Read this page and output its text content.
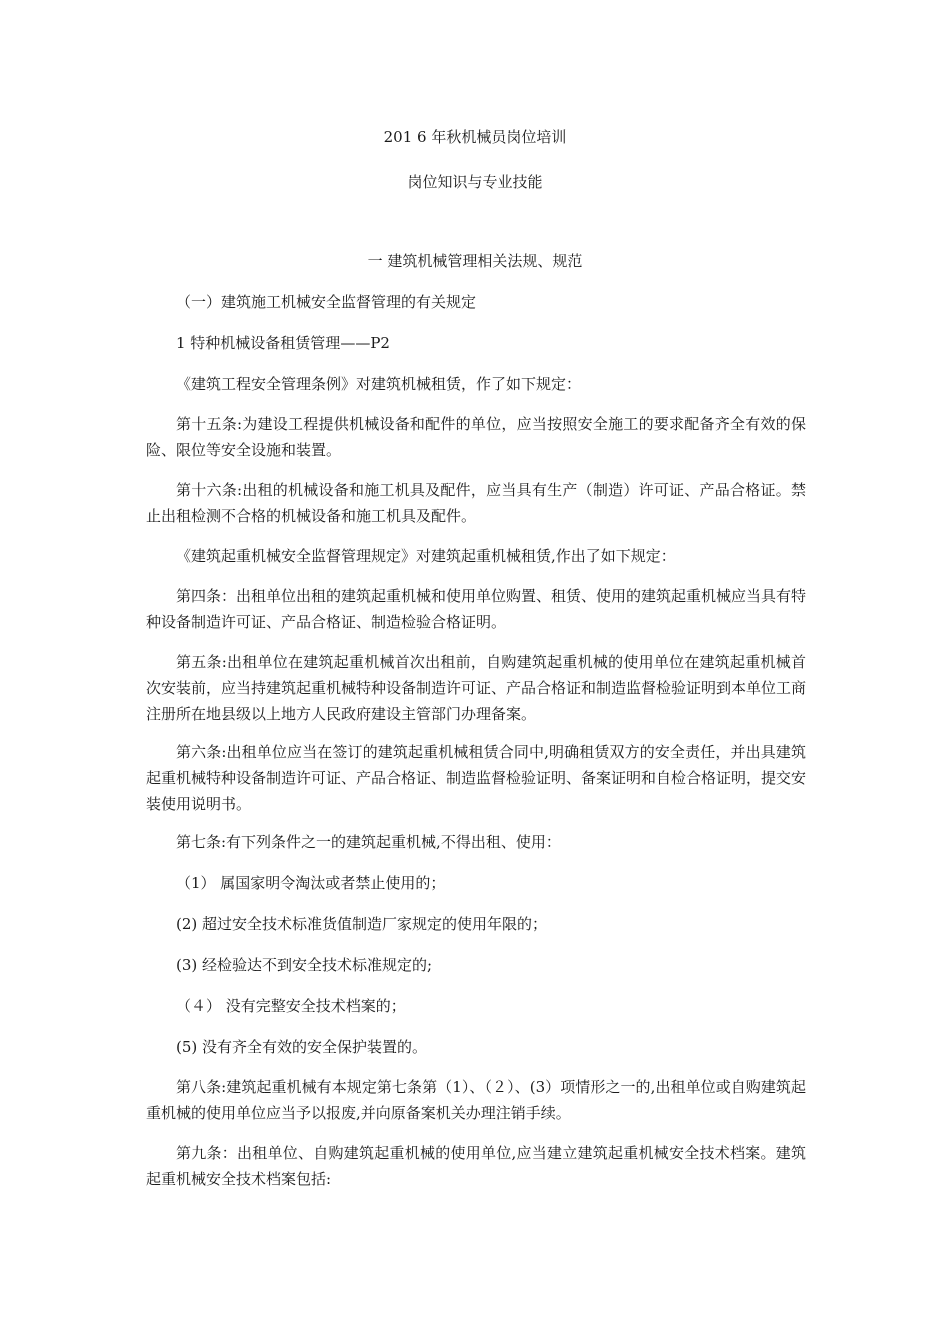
201 6 年秋机械员岗位培训

岗位知识与专业技能

一 建筑机械管理相关法规、规范

（一）建筑施工机械安全监督管理的有关规定

1 特种机械设备租赁管理——P2

《建筑工程安全管理条例》对建筑机械租赁，作了如下规定：

第十五条:为建设工程提供机械设备和配件的单位，应当按照安全施工的要求配备齐全有效的保险、限位等安全设施和装置。

第十六条:出租的机械设备和施工机具及配件，应当具有生产（制造）许可证、产品合格证。禁止出租检测不合格的机械设备和施工机具及配件。

《建筑起重机械安全监督管理规定》对建筑起重机械租赁,作出了如下规定：

第四条：出租单位出租的建筑起重机械和使用单位购置、租赁、使用的建筑起重机械应当具有特种设备制造许可证、产品合格证、制造检验合格证明。

第五条:出租单位在建筑起重机械首次出租前，自购建筑起重机械的使用单位在建筑起重机械首次安装前，应当持建筑起重机械特种设备制造许可证、产品合格证和制造监督检验证明到本单位工商注册所在地县级以上地方人民政府建设主管部门办理备案。

第六条:出租单位应当在签订的建筑起重机械租赁合同中,明确租赁双方的安全责任，并出具建筑起重机械特种设备制造许可证、产品合格证、制造监督检验证明、备案证明和自检合格证明，提交安装使用说明书。

第七条:有下列条件之一的建筑起重机械,不得出租、使用：

（1） 属国家明令淘汰或者禁止使用的；

(2) 超过安全技术标准货值制造厂家规定的使用年限的；

(3) 经检验达不到安全技术标准规定的;

（４） 没有完整安全技术档案的；

(5) 没有齐全有效的安全保护装置的。

第八条:建筑起重机械有本规定第七条第（1）、（２）、(3）项情形之一的,出租单位或自购建筑起重机械的使用单位应当予以报废,并向原备案机关办理注销手续。

第九条：出租单位、自购建筑起重机械的使用单位,应当建立建筑起重机械安全技术档案。建筑起重机械安全技术档案包括:
